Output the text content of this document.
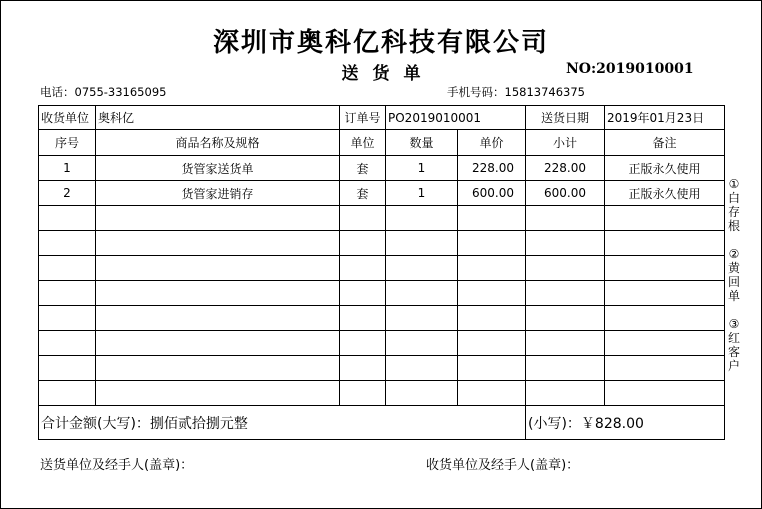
深圳市奥科亿科技有限公司
送货单	NO:2019010001
电话：0755-33165095	手机号码：15813746375
收货单位 奥科亿	订单号 PO2019010001	送货日期	2019年01月23日
序号	商品名称及规格	单位	数量	单价	小计	备注
1	货管家送货单	套	1	228.00	228.00	正版永久使用
2	货管家进销存	套	1	600.00	600.00	正版永久使用
合计金额(大写)：捌佰贰拾捌元整	(小写)：￥828.00
①
白
存
根
②
黄
回
单
③
红
客
户
送货单位及经手人(盖章)：	收货单位及经手人(盖章)：
